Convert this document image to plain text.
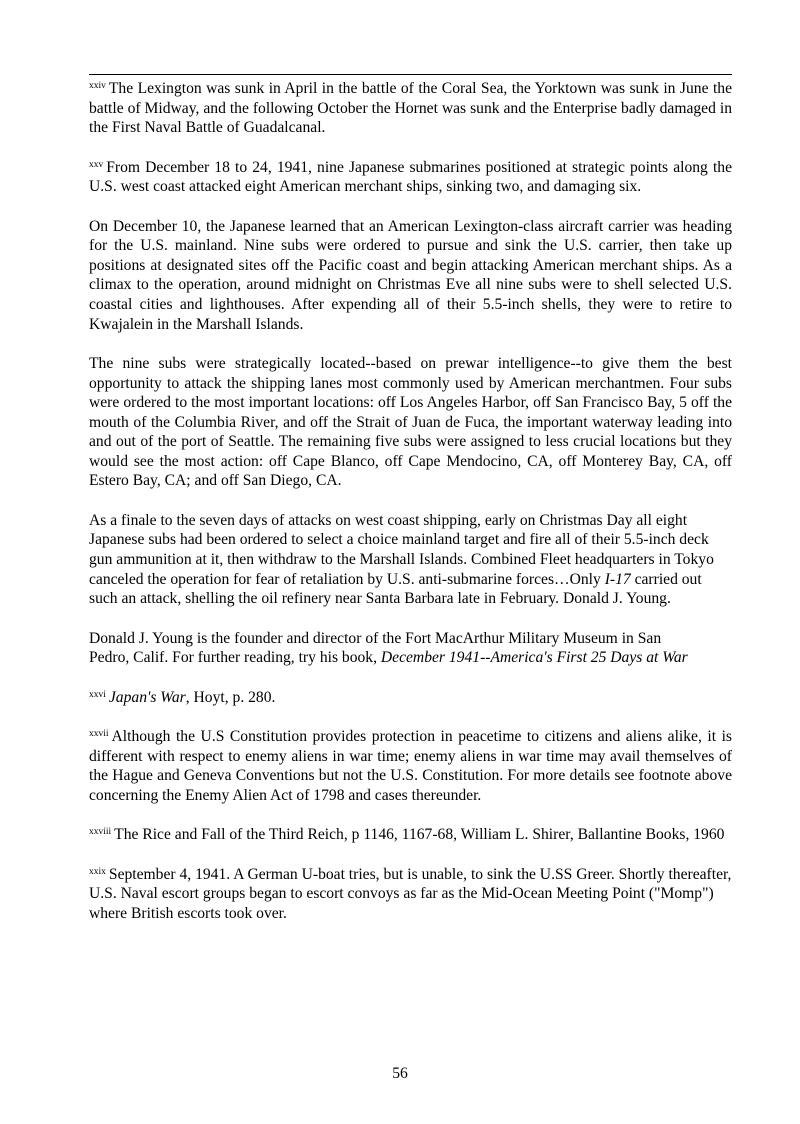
$^{xxiv}$ The Lexington was sunk in April in the battle of the Coral Sea, the Yorktown was sunk in June the battle of Midway, and the following October the Hornet was sunk and the Enterprise badly damaged in the First Naval Battle of Guadalcanal.

$^{xxv}$ From December 18 to 24, 1941, nine Japanese submarines positioned at strategic points along the U.S. west coast attacked eight American merchant ships, sinking two, and damaging six.

On December 10, the Japanese learned that an American Lexington-class aircraft carrier was heading for the U.S. mainland. Nine subs were ordered to pursue and sink the U.S. carrier, then take up positions at designated sites off the Pacific coast and begin attacking American merchant ships. As a climax to the operation, around midnight on Christmas Eve all nine subs were to shell selected U.S. coastal cities and lighthouses. After expending all of their 5.5-inch shells, they were to retire to Kwajalein in the Marshall Islands.

The nine subs were strategically located--based on prewar intelligence--to give them the best opportunity to attack the shipping lanes most commonly used by American merchantmen. Four subs were ordered to the most important locations: off Los Angeles Harbor, off San Francisco Bay, 5 off the mouth of the Columbia River, and off the Strait of Juan de Fuca, the important waterway leading into and out of the port of Seattle. The remaining five subs were assigned to less crucial locations but they would see the most action: off Cape Blanco, off Cape Mendocino, CA, off Monterey Bay, CA, off Estero Bay, CA; and off San Diego, CA.

As a finale to the seven days of attacks on west coast shipping, early on Christmas Day all eight Japanese subs had been ordered to select a choice mainland target and fire all of their 5.5-inch deck gun ammunition at it, then withdraw to the Marshall Islands. Combined Fleet headquarters in Tokyo canceled the operation for fear of retaliation by U.S. anti-submarine forces…Only I-17 carried out such an attack, shelling the oil refinery near Santa Barbara late in February. Donald J. Young.

Donald J. Young is the founder and director of the Fort MacArthur Military Museum in San Pedro, Calif. For further reading, try his book, December 1941--America's First 25 Days at War

$^{xxvi}$ Japan's War, Hoyt, p. 280.

$^{xxvii}$ Although the U.S Constitution provides protection in peacetime to citizens and aliens alike, it is different with respect to enemy aliens in war time; enemy aliens in war time may avail themselves of the Hague and Geneva Conventions but not the U.S. Constitution. For more details see footnote above concerning the Enemy Alien Act of 1798 and cases thereunder.

$^{xxviii}$ The Rice and Fall of the Third Reich, p 1146, 1167-68, William L. Shirer, Ballantine Books, 1960

$^{xxix}$ September 4, 1941. A German U-boat tries, but is unable, to sink the U.SS Greer. Shortly thereafter, U.S. Naval escort groups began to escort convoys as far as the Mid-Ocean Meeting Point ("Momp") where British escorts took over.

56
